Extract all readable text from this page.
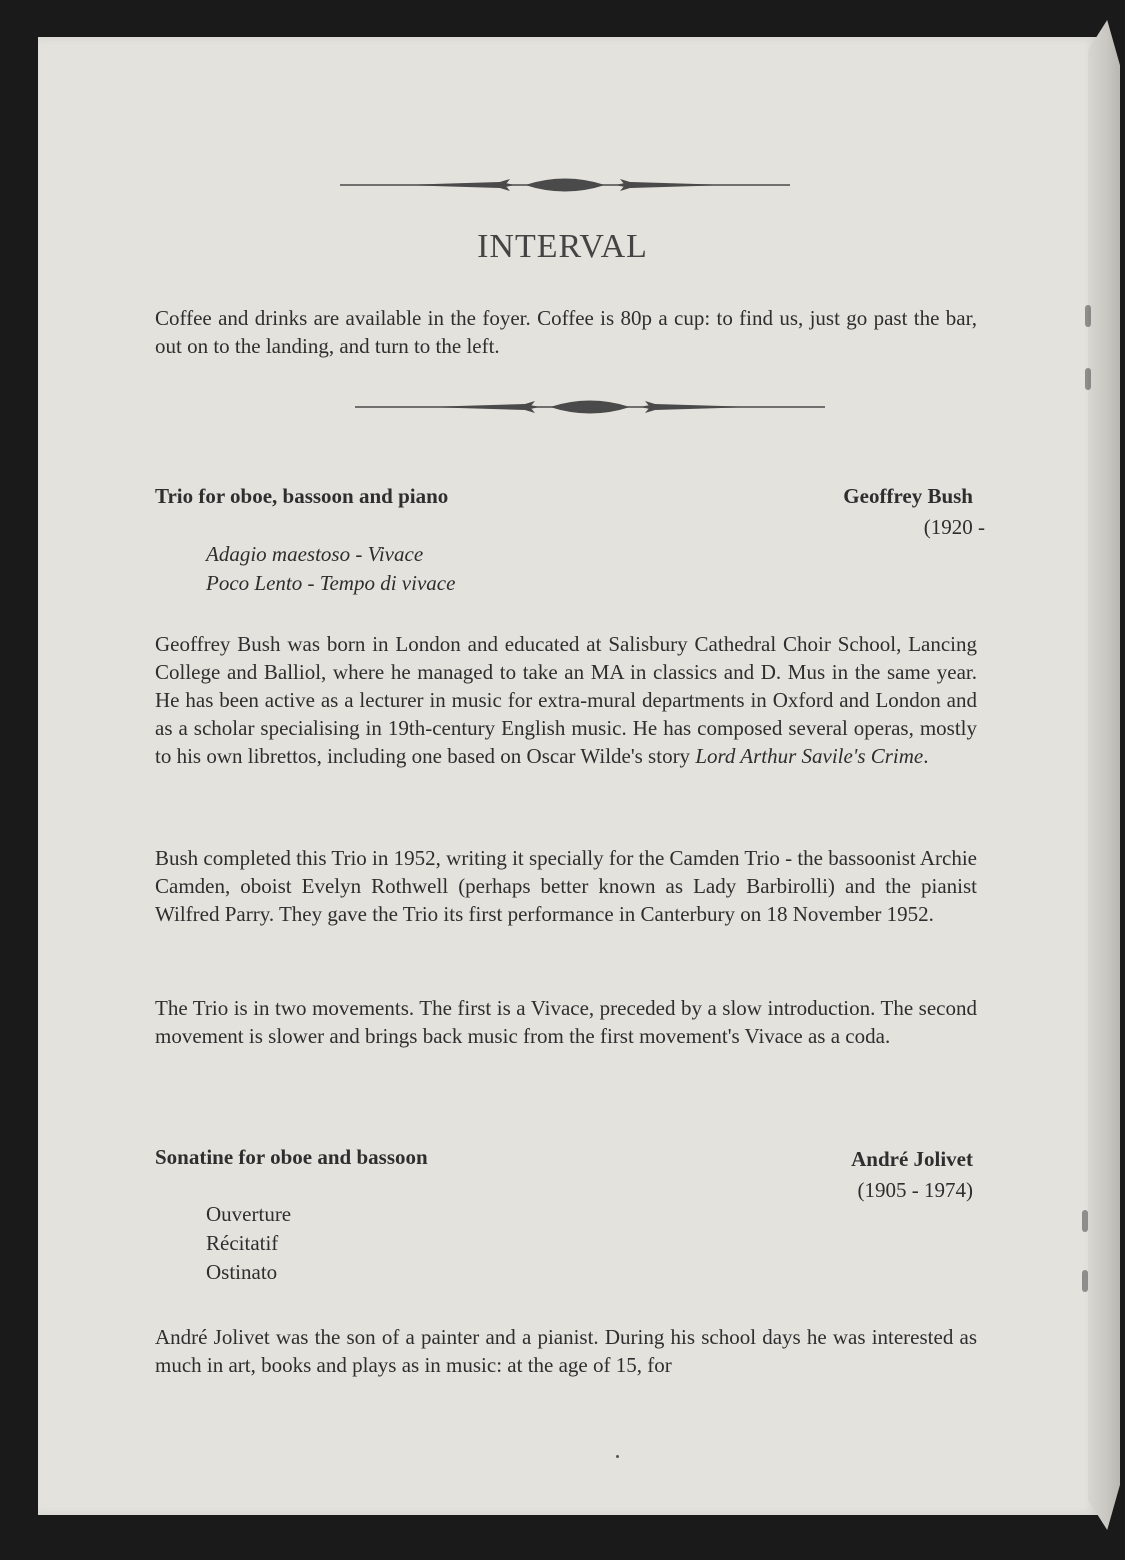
INTERVAL
Coffee and drinks are available in the foyer. Coffee is 80p a cup: to find us, just go past the bar, out on to the landing, and turn to the left.
Trio for oboe, bassoon and piano	Geoffrey Bush
(1920 -
Adagio maestoso - Vivace
Poco Lento - Tempo di vivace
Geoffrey Bush was born in London and educated at Salisbury Cathedral Choir School, Lancing College and Balliol, where he managed to take an MA in classics and D. Mus in the same year. He has been active as a lecturer in music for extra-mural departments in Oxford and London and as a scholar specialising in 19th-century English music. He has composed several operas, mostly to his own librettos, including one based on Oscar Wilde's story Lord Arthur Savile's Crime.
Bush completed this Trio in 1952, writing it specially for the Camden Trio - the bassoonist Archie Camden, oboist Evelyn Rothwell (perhaps better known as Lady Barbirolli) and the pianist Wilfred Parry. They gave the Trio its first performance in Canterbury on 18 November 1952.
The Trio is in two movements. The first is a Vivace, preceded by a slow introduction. The second movement is slower and brings back music from the first movement's Vivace as a coda.
Sonatine for oboe and bassoon	André Jolivet
(1905 - 1974)
Ouverture
Récitatif
Ostinato
André Jolivet was the son of a painter and a pianist. During his school days he was interested as much in art, books and plays as in music: at the age of 15, for
